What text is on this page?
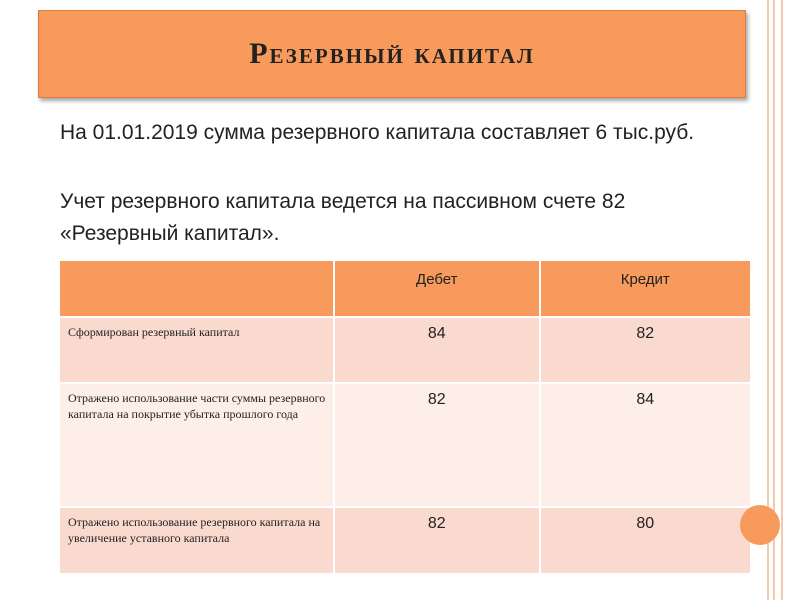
Резервный капитал
На 01.01.2019 сумма резервного капитала составляет 6 тыс.руб.
Учет резервного капитала ведется на пассивном счете 82 «Резервный капитал».
	Дебет	Кредит
Сформирован резервный капитал	84	82
Отражено использование части суммы резервного капитала на покрытие убытка прошлого года	82	84
Отражено использование резервного капитала на увеличение уставного капитала	82	80
